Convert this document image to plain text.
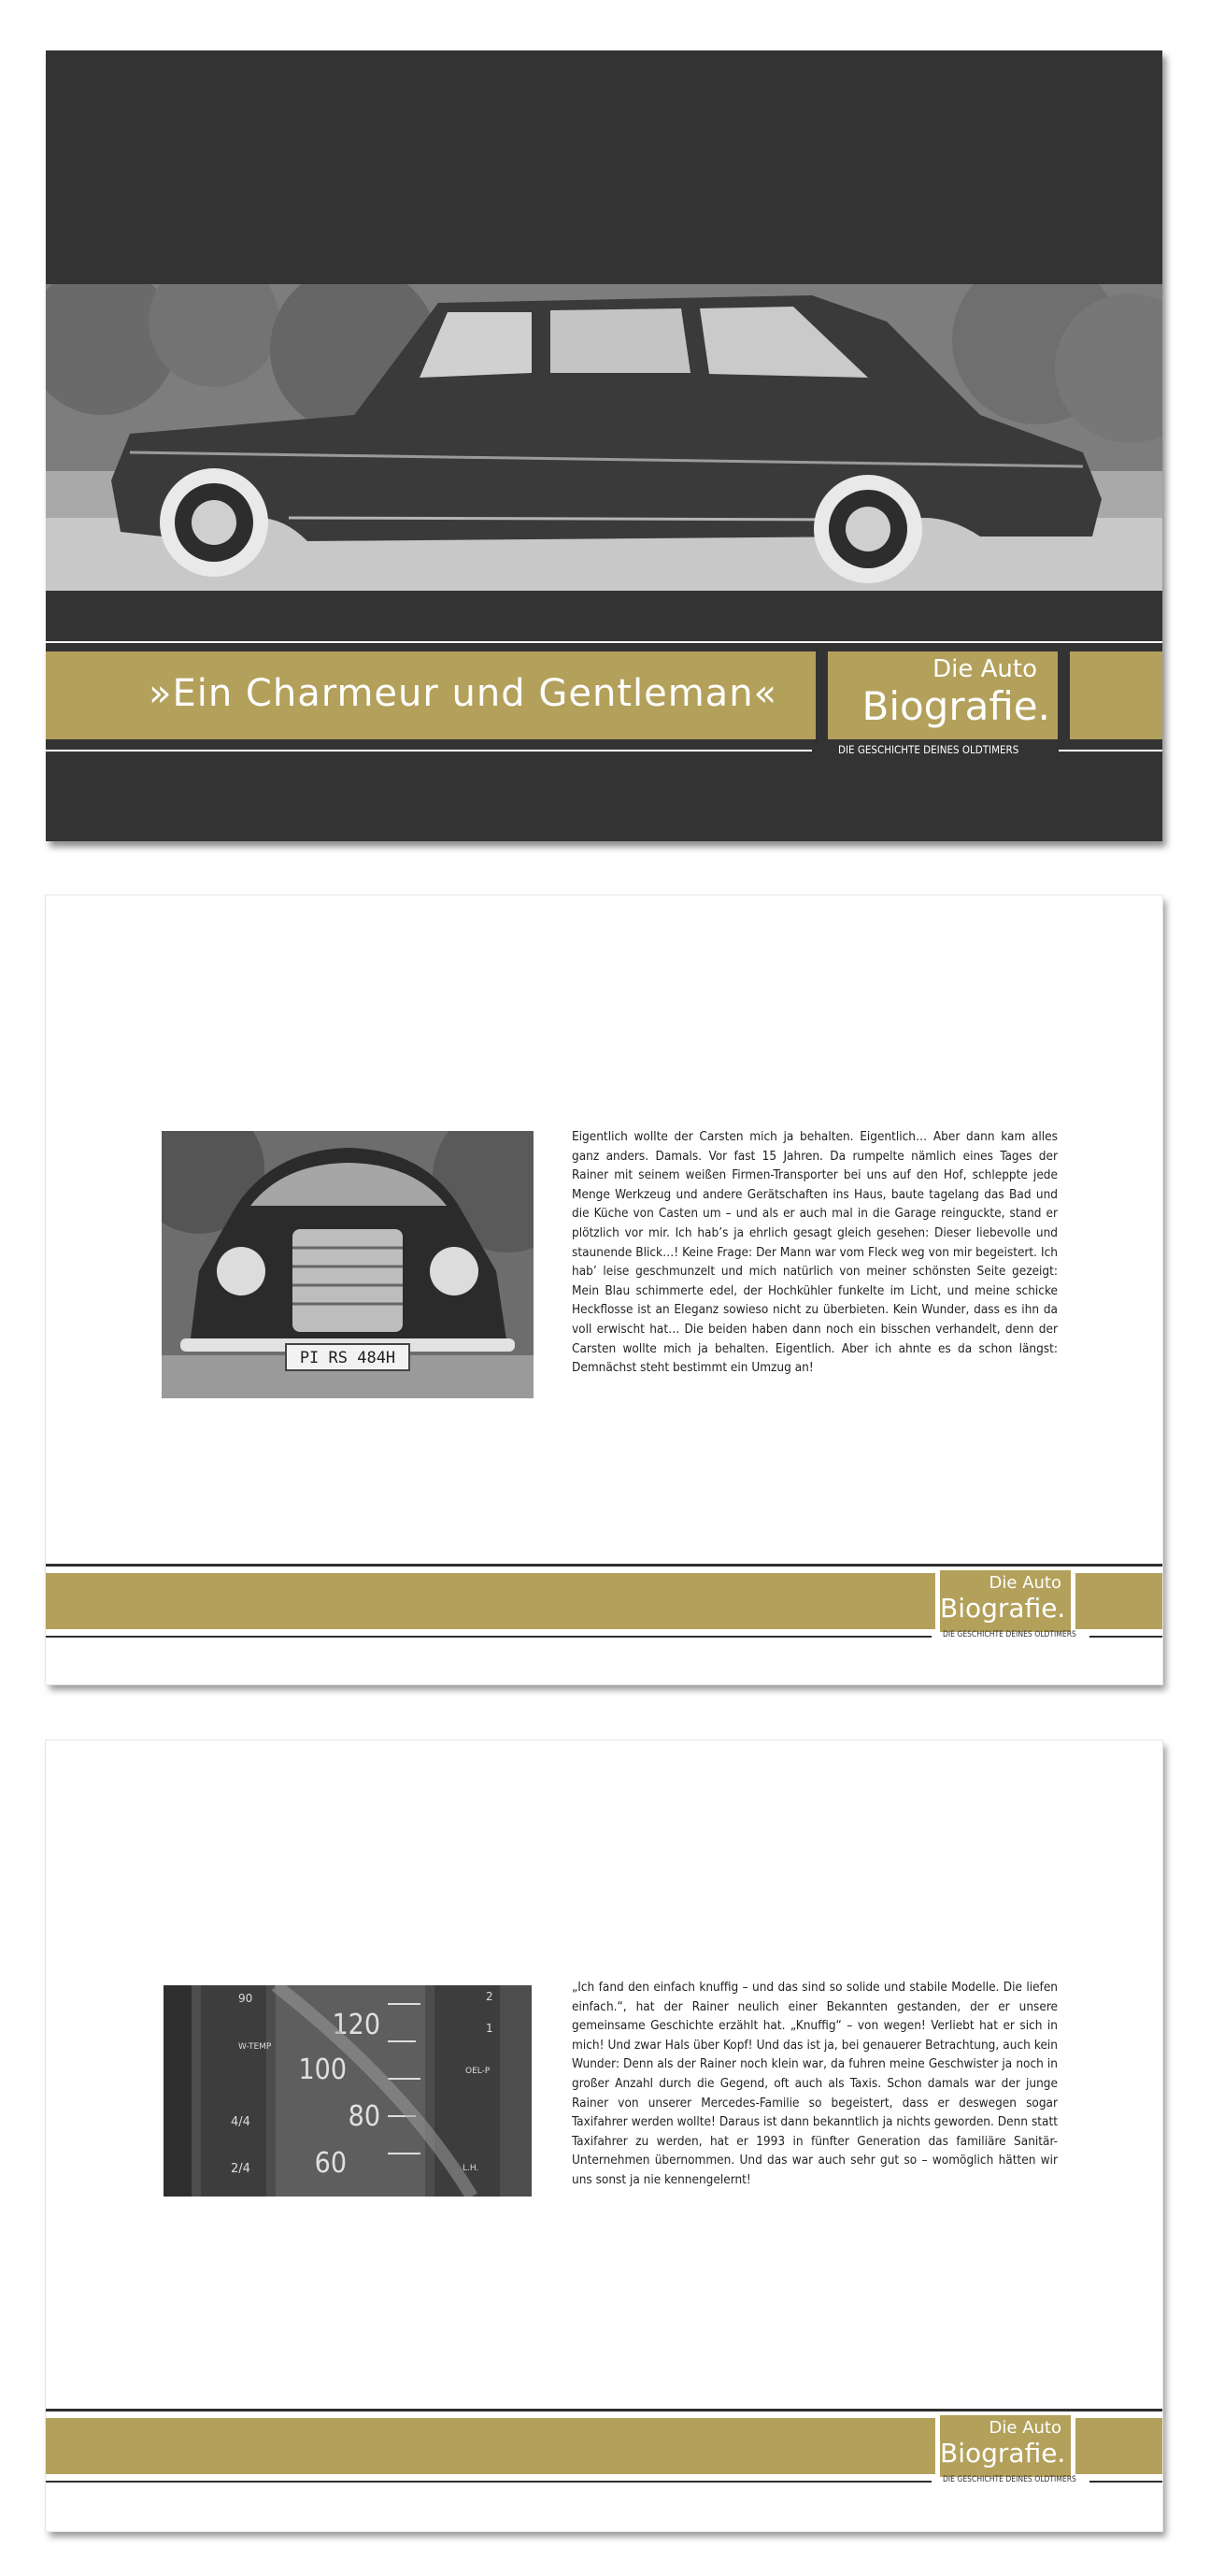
»Ein Charmeur und Gentleman«
Die Auto
Biografie.
DIE GESCHICHTE DEINES OLDTIMERS
PI RS 484H
Eigentlich wollte der Carsten mich ja behalten. Eigentlich… Aber dann kam alles ganz anders. Damals. Vor fast 15 Jahren. Da rumpelte nämlich eines Tages der Rainer mit seinem weißen Firmen-Transporter bei uns auf den Hof, schleppte jede Menge Werkzeug und andere Gerätschaften ins Haus, baute tagelang das Bad und die Küche von Casten um – und als er auch mal in die Garage reinguckte, stand er plötzlich vor mir. Ich hab’s ja ehrlich gesagt gleich gesehen: Dieser liebevolle und staunende Blick…! Keine Frage: Der Mann war vom Fleck weg von mir begeistert. Ich hab’ leise geschmunzelt und mich natürlich von meiner schönsten Seite gezeigt: Mein Blau schimmerte edel, der Hochkühler funkelte im Licht, und meine schicke Heckflosse ist an Eleganz sowieso nicht zu überbieten. Kein Wunder, dass es ihn da voll erwischt hat… Die beiden haben dann noch ein bisschen verhandelt, denn der Carsten wollte mich ja behalten. Eigentlich. Aber ich ahnte es da schon längst: Demnächst steht bestimmt ein Umzug an!
Die Auto
Biografie.
DIE GESCHICHTE DEINES OLDTIMERS
120
100
80
60
90
W-TEMP
4/4
2/4
2
1
OEL-P
L.H.
„Ich fand den einfach knuffig – und das sind so solide und stabile Modelle. Die liefen einfach.“, hat der Rainer neulich einer Bekannten gestanden, der er unsere gemeinsame Geschichte erzählt hat. „Knuffig“ – von wegen! Verliebt hat er sich in mich! Und zwar Hals über Kopf! Und das ist ja, bei genauerer Betrachtung, auch kein Wunder: Denn als der Rainer noch klein war, da fuhren meine Geschwister ja noch in großer Anzahl durch die Gegend, oft auch als Taxis. Schon damals war der junge Rainer von unserer Mercedes-Familie so begeistert, dass er deswegen sogar Taxifahrer werden wollte! Daraus ist dann bekanntlich ja nichts geworden. Denn statt Taxifahrer zu werden, hat er 1993 in fünfter Generation das familiäre Sanitär-Unternehmen übernommen. Und das war auch sehr gut so – womöglich hätten wir uns sonst ja nie kennengelernt!
Die Auto
Biografie.
DIE GESCHICHTE DEINES OLDTIMERS
